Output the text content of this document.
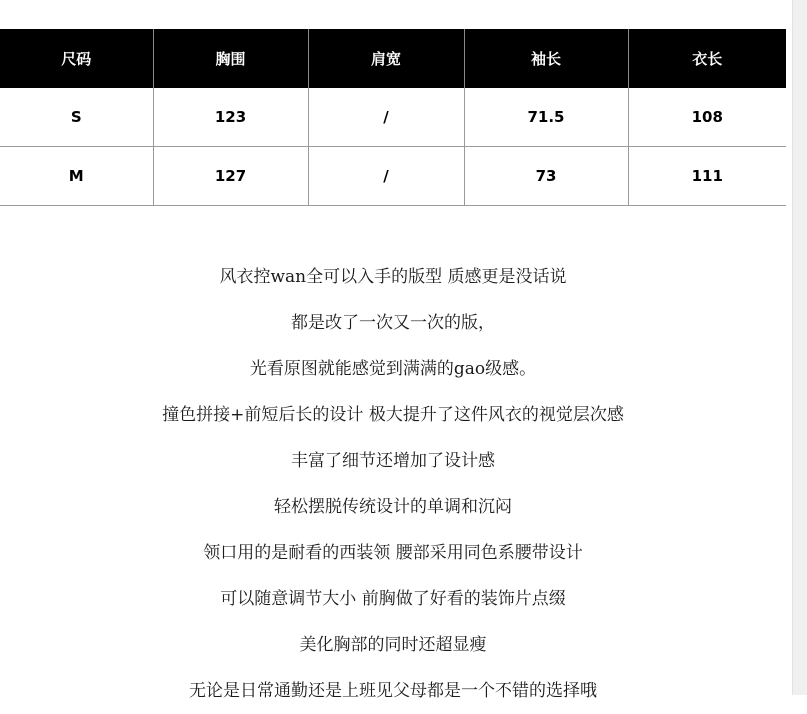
尺码	胸围	肩宽	袖长	衣长
S	123	/	71.5	108
M	127	/	73	111

风衣控wan全可以入手的版型 质感更是没话说

都是改了一次又一次的版，

光看原图就能感觉到满满的gao级感。

撞色拼接+前短后长的设计 极大提升了这件风衣的视觉层次感

丰富了细节还增加了设计感

轻松摆脱传统设计的单调和沉闷

领口用的是耐看的西装领 腰部采用同色系腰带设计

可以随意调节大小 前胸做了好看的装饰片点缀

美化胸部的同时还超显瘦

无论是日常通勤还是上班见父母都是一个不错的选择哦
